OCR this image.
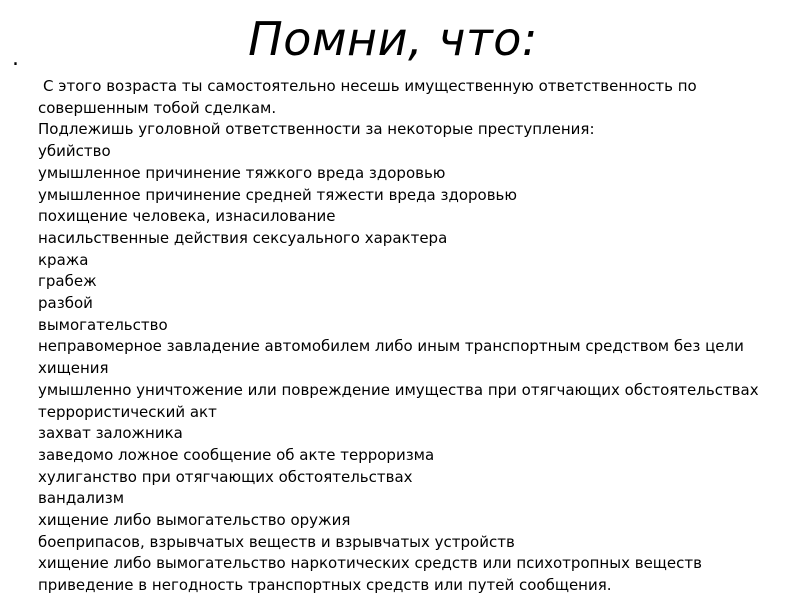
.	Помни, что:
С этого возраста ты самостоятельно несешь имущественную ответственность по
совершенным тобой сделкам.
Подлежишь уголовной ответственности за некоторые преступления:
убийство
умышленное причинение тяжкого вреда здоровью
умышленное причинение средней тяжести вреда здоровью
похищение человека, изнасилование
насильственные действия сексуального характера
кража
грабеж
разбой
вымогательство
неправомерное завладение автомобилем либо иным транспортным средством без цели
хищения
умышленно уничтожение или повреждение имущества при отягчающих обстоятельствах
террористический акт
захват заложника
заведомо ложное сообщение об акте терроризма
хулиганство при отягчающих обстоятельствах
вандализм
хищение либо вымогательство оружия
боеприпасов, взрывчатых веществ и взрывчатых устройств
хищение либо вымогательство наркотических средств или психотропных веществ
приведение в негодность транспортных средств или путей сообщения.
